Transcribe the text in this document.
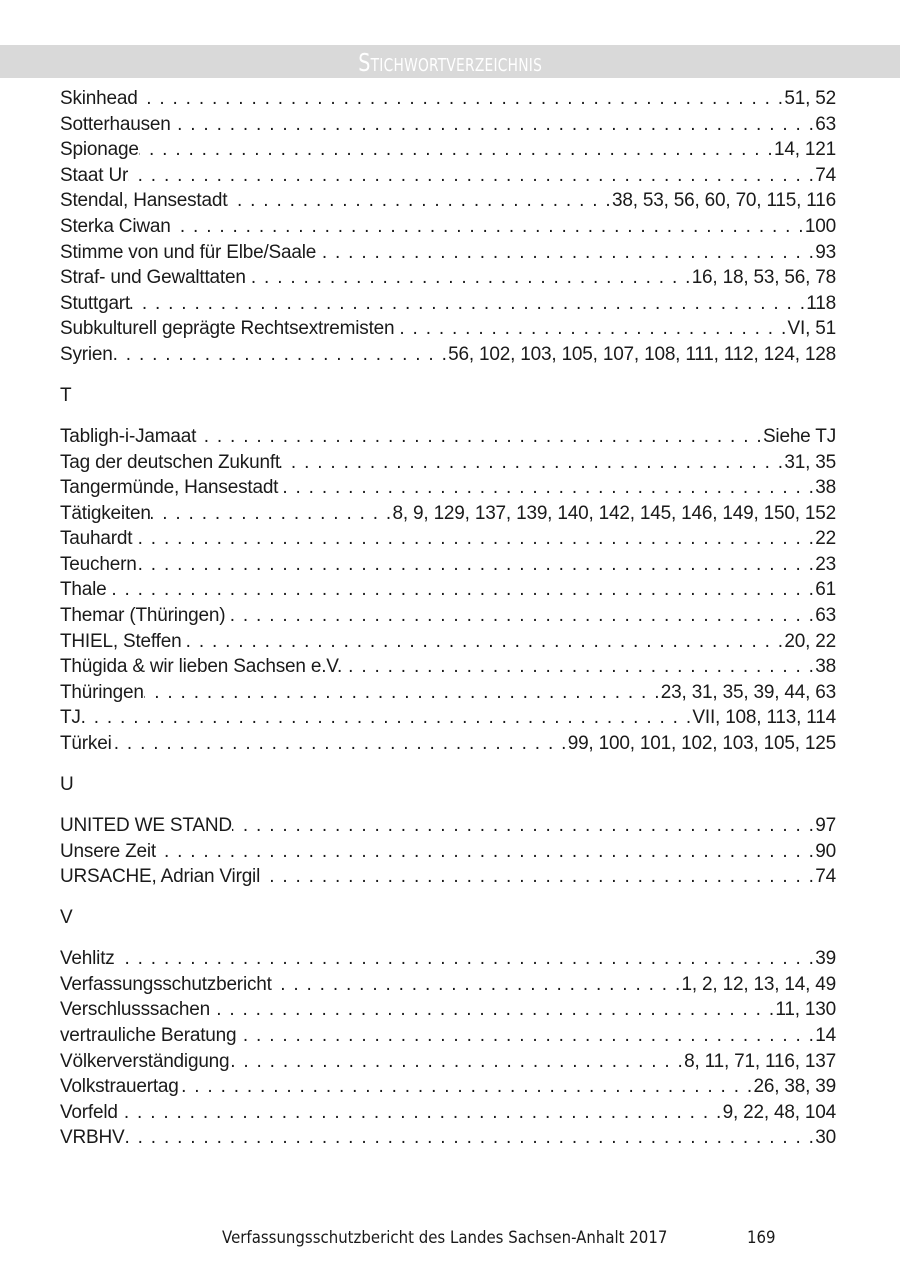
Stichwortverzeichnis
Skinhead . . .	51, 52
Sotterhausen . . .	63
Spionage . . .	14, 121
Staat Ur . . .	74
Stendal, Hansestadt . . .	38, 53, 56, 60, 70, 115, 116
Sterka Ciwan . . .	100
Stimme von und für Elbe/Saale . . .	93
Straf- und Gewalttaten . . .	16, 18, 53, 56, 78
Stuttgart . . .	118
Subkulturell geprägte Rechtsextremisten . . .	VI, 51
Syrien . . .	56, 102, 103, 105, 107, 108, 111, 112, 124, 128
T
Tabligh-i-Jamaat . . .	Siehe TJ
Tag der deutschen Zukunft . . .	31, 35
Tangermünde, Hansestadt . . .	38
Tätigkeiten . . .	8, 9, 129, 137, 139, 140, 142, 145, 146, 149, 150, 152
Tauhardt . . .	22
Teuchern . . .	23
Thale . . .	61
Themar (Thüringen) . . .	63
THIEL, Steffen . . .	20, 22
Thügida & wir lieben Sachsen e.V. . . .	38
Thüringen . . .	23, 31, 35, 39, 44, 63
TJ . . .	VII, 108, 113, 114
Türkei . . .	99, 100, 101, 102, 103, 105, 125
U
UNITED WE STAND . . .	97
Unsere Zeit . . .	90
URSACHE, Adrian Virgil . . .	74
V
Vehlitz . . .	39
Verfassungsschutzbericht . . .	1, 2, 12, 13, 14, 49
Verschlusssachen . . .	11, 130
vertrauliche Beratung . . .	14
Völkerverständigung . . .	8, 11, 71, 116, 137
Volkstrauertag . . .	26, 38, 39
Vorfeld . . .	9, 22, 48, 104
VRBHV . . .	30
Verfassungsschutzbericht des Landes Sachsen-Anhalt 2017	169
